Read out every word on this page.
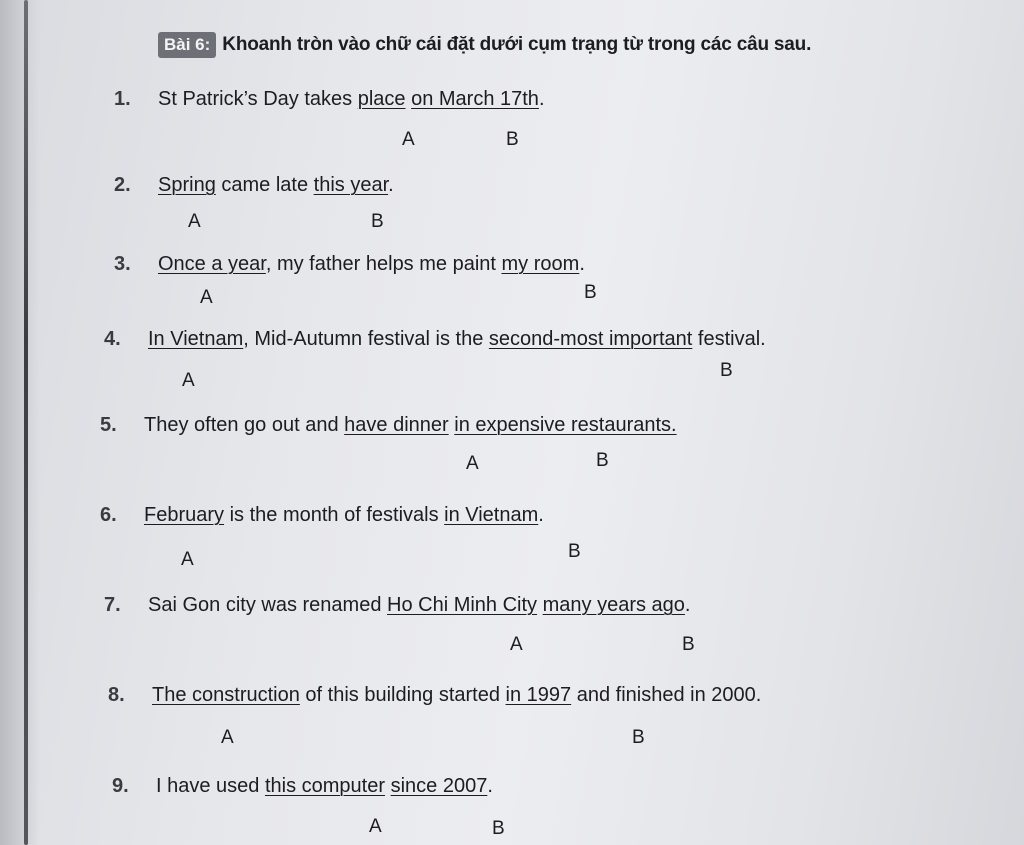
Bài 6: Khoanh tròn vào chữ cái đặt dưới cụm trạng từ trong các câu sau.
1. St Patrick’s Day takes place on March 17th.
A	B
2. Spring came late this year.
A	B
3. Once a year, my father helps me paint my room.
A	B
4. In Vietnam, Mid-Autumn festival is the second-most important festival.
A	B
5. They often go out and have dinner in expensive restaurants.
A	B
6. February is the month of festivals in Vietnam.
A	B
7. Sai Gon city was renamed Ho Chi Minh City many years ago.
A	B
8. The construction of this building started in 1997 and finished in 2000.
A	B
9. I have used this computer since 2007.
A	B
